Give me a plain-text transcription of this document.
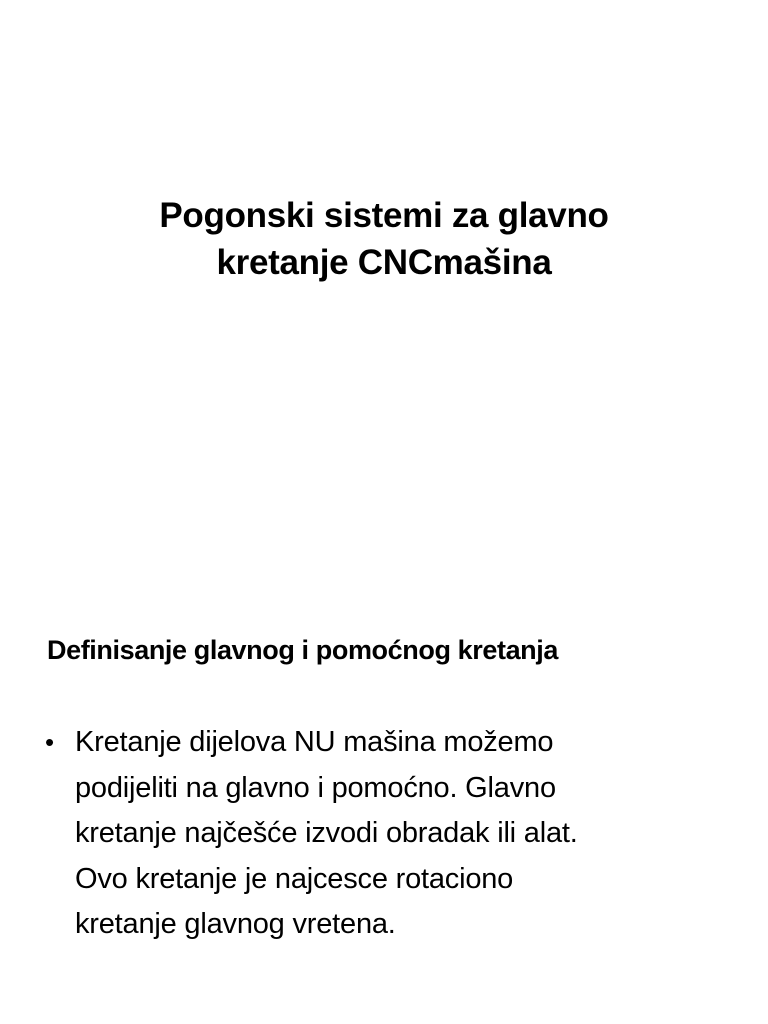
Pogonski sistemi za glavno
kretanje CNCmašina
Definisanje glavnog i pomoćnog kretanja
• Kretanje dijelova NU mašina možemo
podijeliti na glavno i pomoćno. Glavno
kretanje najčešće izvodi obradak ili alat.
Ovo kretanje je najcesce rotaciono
kretanje glavnog vretena.
